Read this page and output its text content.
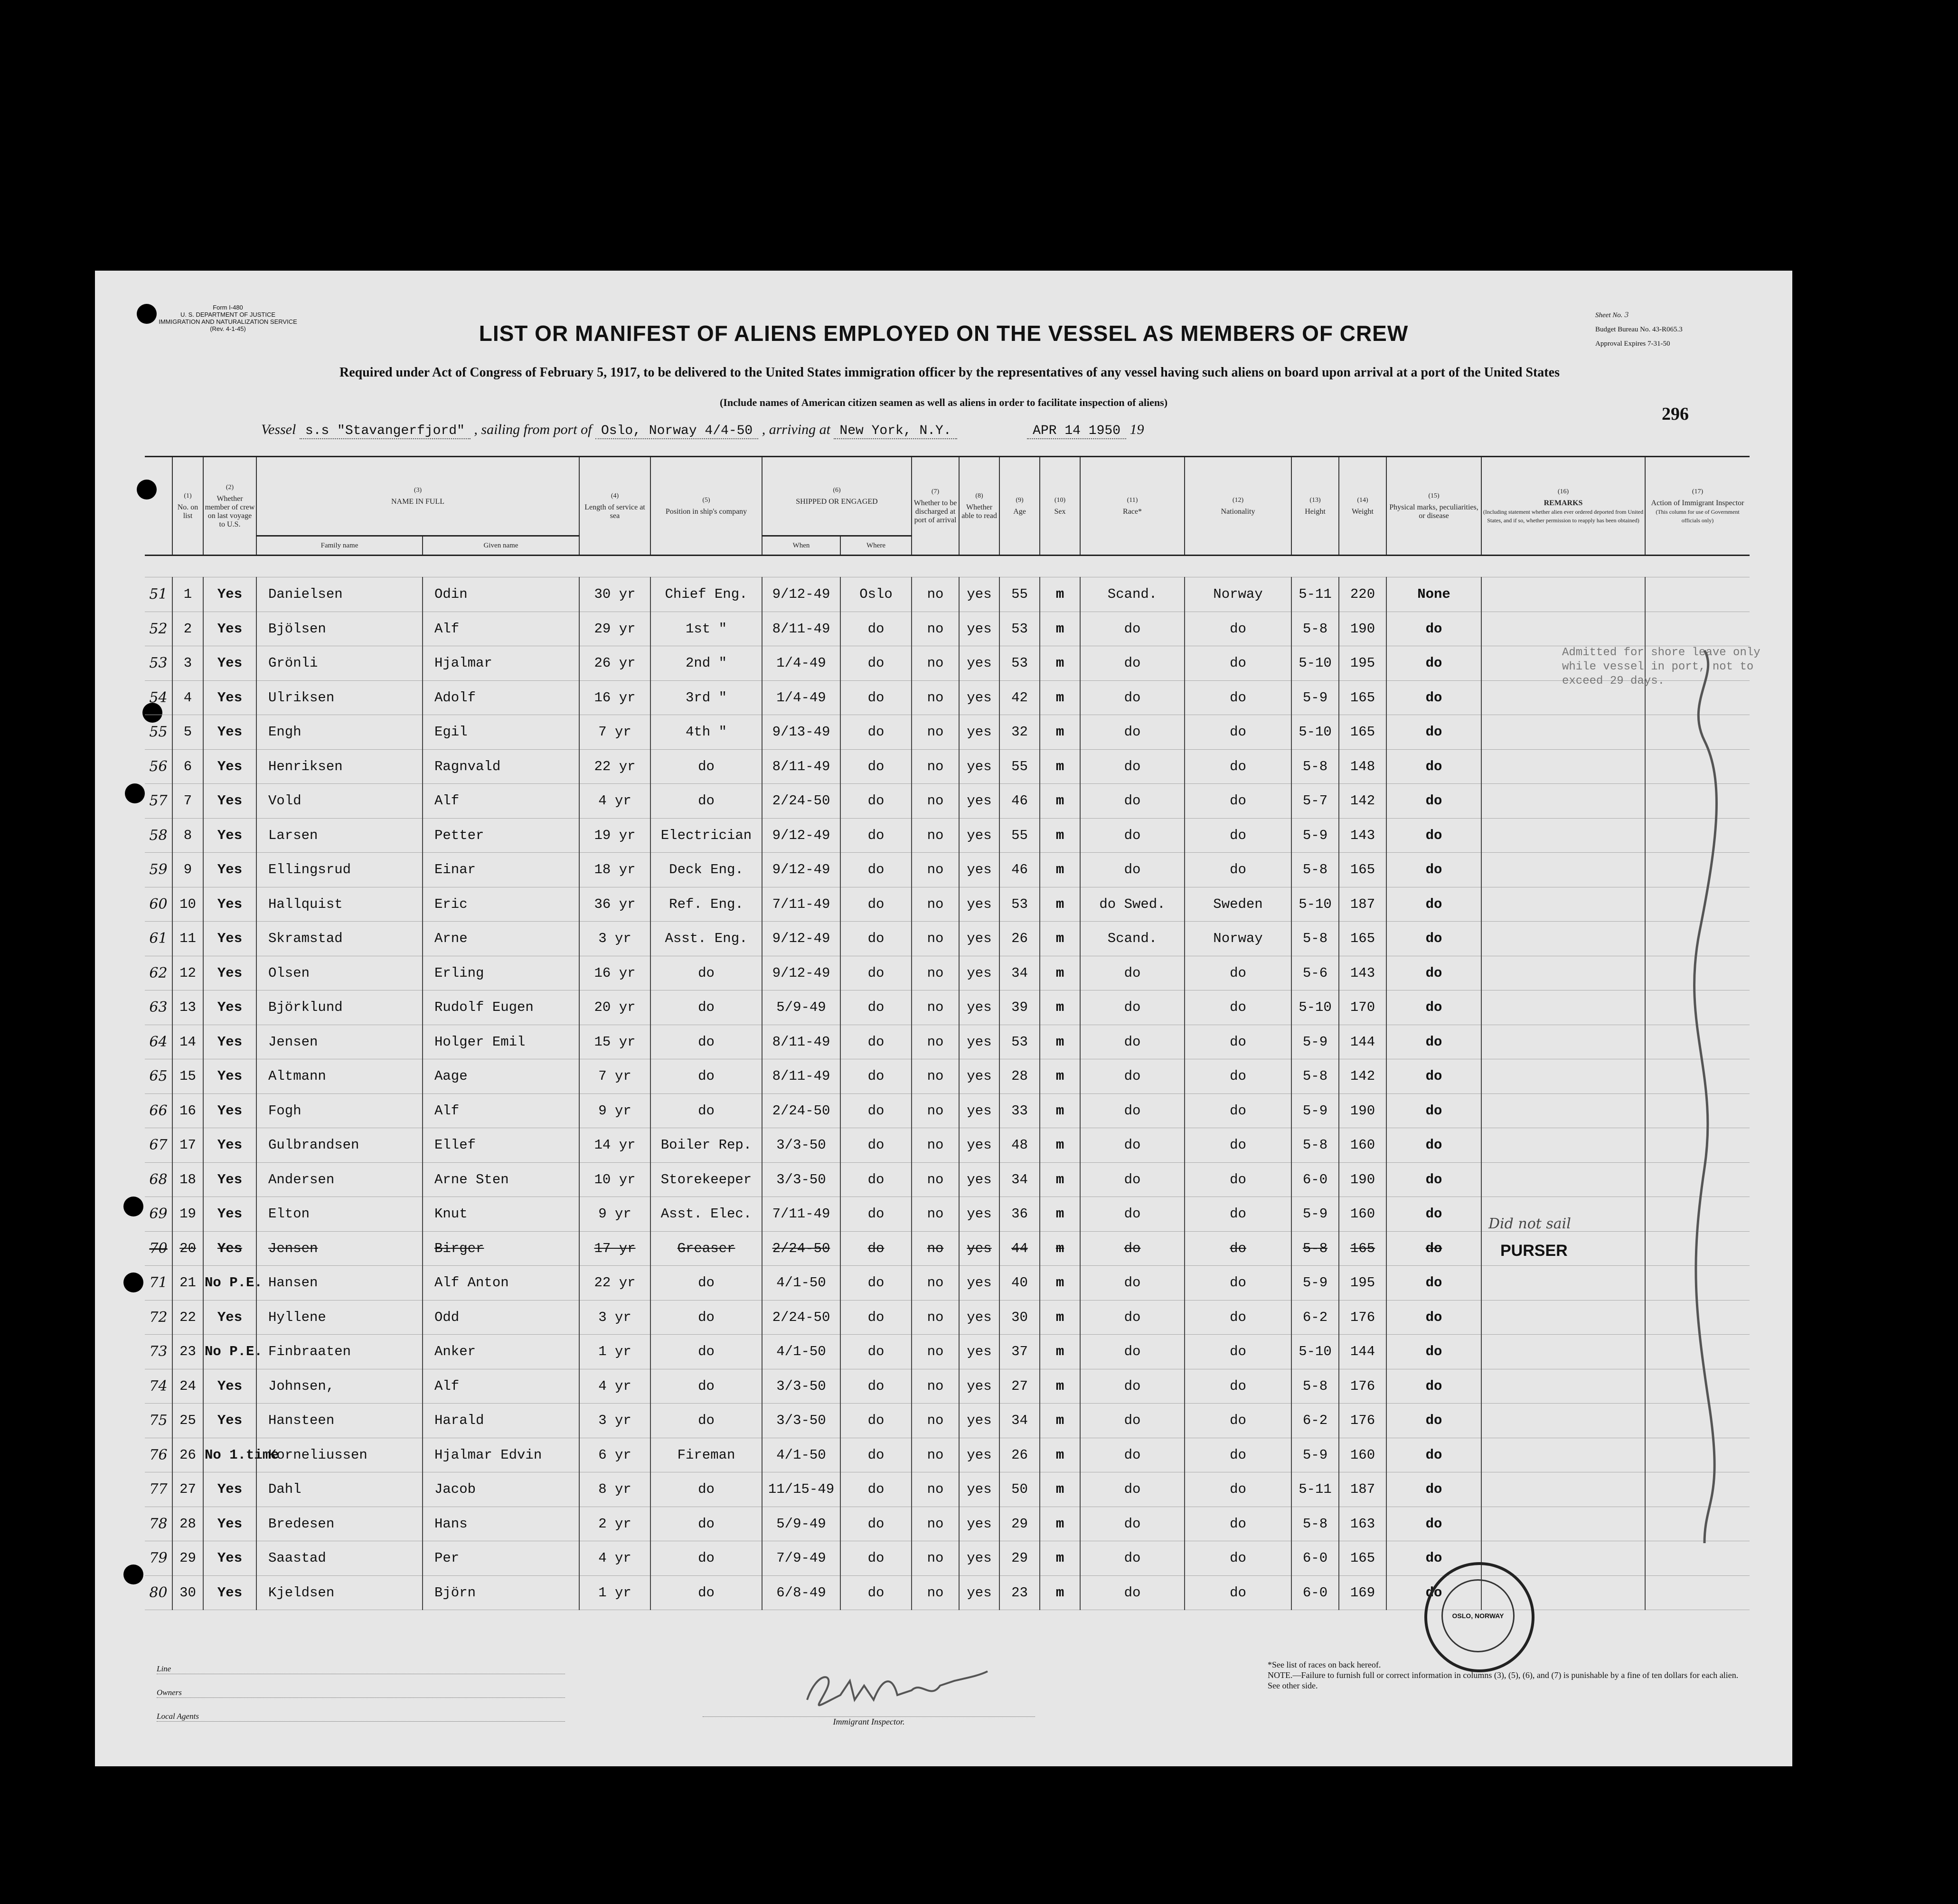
Form I-480
U. S. DEPARTMENT OF JUSTICE
IMMIGRATION AND NATURALIZATION SERVICE
(Rev. 4-1-45)	LIST OR MANIFEST OF ALIENS EMPLOYED ON THE VESSEL AS MEMBERS OF CREW
Sheet No. 3
Budget Bureau No. 43-R065.3
Approval Expires 7-31-50
Required under Act of Congress of February 5, 1917, to be delivered to the United States immigration officer by the representatives of any vessel having such aliens on board upon arrival at a port of the United States
(Include names of American citizen seamen as well as aliens in order to facilitate inspection of aliens)
296
Vessel s.s "Stavangerfjord" , sailing from port of Oslo, Norway 4/4-50 , arriving at New York, N.Y.	APR 14 1950 19

	(1)
No. on list	(2)
Whether member of crew on last voyage to U.S.	(3)
NAME IN FULL		(4)
Length of service at sea	(5)
Position in ship's company	(6)
SHIPPED OR ENGAGED		(7)
Whether to be discharged at port of arrival	(8)
Whether able to read	(9)
Age	(10)
Sex	(11)
Race*	(12)
Nationality	(13)
Height	(14)
Weight	(15)
Physical marks, peculiarities, or disease	(16)
REMARKS
(Including statement whether alien ever ordered deported from United States, and if so, whether permission to reapply has been obtained)	(17)
Action of Immigrant Inspector
(This column for use of Government officials only)
			Family name	Given name			When	Where											

51	1	Yes	Danielsen	Odin	30 yr	Chief Eng.	9/12-49	Oslo	no	yes	55	m	Scand.	Norway	5-11	220	None		
52	2	Yes	Bjölsen	Alf	29 yr	1st "	8/11-49	do	no	yes	53	m	do	do	5-8	190	do		
53	3	Yes	Grönli	Hjalmar	26 yr	2nd "	1/4-49	do	no	yes	53	m	do	do	5-10	195	do		
54	4	Yes	Ulriksen	Adolf	16 yr	3rd "	1/4-49	do	no	yes	42	m	do	do	5-9	165	do		
55	5	Yes	Engh	Egil	7 yr	4th "	9/13-49	do	no	yes	32	m	do	do	5-10	165	do		
56	6	Yes	Henriksen	Ragnvald	22 yr	do	8/11-49	do	no	yes	55	m	do	do	5-8	148	do		
57	7	Yes	Vold	Alf	4 yr	do	2/24-50	do	no	yes	46	m	do	do	5-7	142	do		
58	8	Yes	Larsen	Petter	19 yr	Electrician	9/12-49	do	no	yes	55	m	do	do	5-9	143	do		
59	9	Yes	Ellingsrud	Einar	18 yr	Deck Eng.	9/12-49	do	no	yes	46	m	do	do	5-8	165	do		
60	10	Yes	Hallquist	Eric	36 yr	Ref. Eng.	7/11-49	do	no	yes	53	m	do Swed.	Sweden	5-10	187	do		
61	11	Yes	Skramstad	Arne	3 yr	Asst. Eng.	9/12-49	do	no	yes	26	m	Scand.	Norway	5-8	165	do		
62	12	Yes	Olsen	Erling	16 yr	do	9/12-49	do	no	yes	34	m	do	do	5-6	143	do		
63	13	Yes	Björklund	Rudolf Eugen	20 yr	do	5/9-49	do	no	yes	39	m	do	do	5-10	170	do		
64	14	Yes	Jensen	Holger Emil	15 yr	do	8/11-49	do	no	yes	53	m	do	do	5-9	144	do		
65	15	Yes	Altmann	Aage	7 yr	do	8/11-49	do	no	yes	28	m	do	do	5-8	142	do		
66	16	Yes	Fogh	Alf	9 yr	do	2/24-50	do	no	yes	33	m	do	do	5-9	190	do		
67	17	Yes	Gulbrandsen	Ellef	14 yr	Boiler Rep.	3/3-50	do	no	yes	48	m	do	do	5-8	160	do		
68	18	Yes	Andersen	Arne Sten	10 yr	Storekeeper	3/3-50	do	no	yes	34	m	do	do	6-0	190	do		
69	19	Yes	Elton	Knut	9 yr	Asst. Elec.	7/11-49	do	no	yes	36	m	do	do	5-9	160	do		
70	20	Yes	Jensen	Birger	17 yr	Greaser	2/24-50	do	no	yes	44	m	do	do	5-8	165	do		
71	21	No P.E.	Hansen	Alf Anton	22 yr	do	4/1-50	do	no	yes	40	m	do	do	5-9	195	do		
72	22	Yes	Hyllene	Odd	3 yr	do	2/24-50	do	no	yes	30	m	do	do	6-2	176	do		
73	23	No P.E.	Finbraaten	Anker	1 yr	do	4/1-50	do	no	yes	37	m	do	do	5-10	144	do		
74	24	Yes	Johnsen,	Alf	4 yr	do	3/3-50	do	no	yes	27	m	do	do	5-8	176	do		
75	25	Yes	Hansteen	Harald	3 yr	do	3/3-50	do	no	yes	34	m	do	do	6-2	176	do		
76	26	No 1.time	Korneliussen	Hjalmar Edvin	6 yr	Fireman	4/1-50	do	no	yes	26	m	do	do	5-9	160	do		
77	27	Yes	Dahl	Jacob	8 yr	do	11/15-49	do	no	yes	50	m	do	do	5-11	187	do		
78	28	Yes	Bredesen	Hans	2 yr	do	5/9-49	do	no	yes	29	m	do	do	5-8	163	do		
79	29	Yes	Saastad	Per	4 yr	do	7/9-49	do	no	yes	29	m	do	do	6-0	165	do		
80	30	Yes	Kjeldsen	Björn	1 yr	do	6/8-49	do	no	yes	23	m	do	do	6-0	169	do		
Admitted for shore leave only while vessel in port, not to exceed 29 days.
Did not sail
PURSER
OSLO, NORWAY
Line
Owners
Local Agents
Immigrant Inspector.
*See list of races on back hereof.
NOTE.—Failure to furnish full or correct information in columns (3), (5), (6), and (7) is punishable by a fine of ten dollars for each alien. See other side.
